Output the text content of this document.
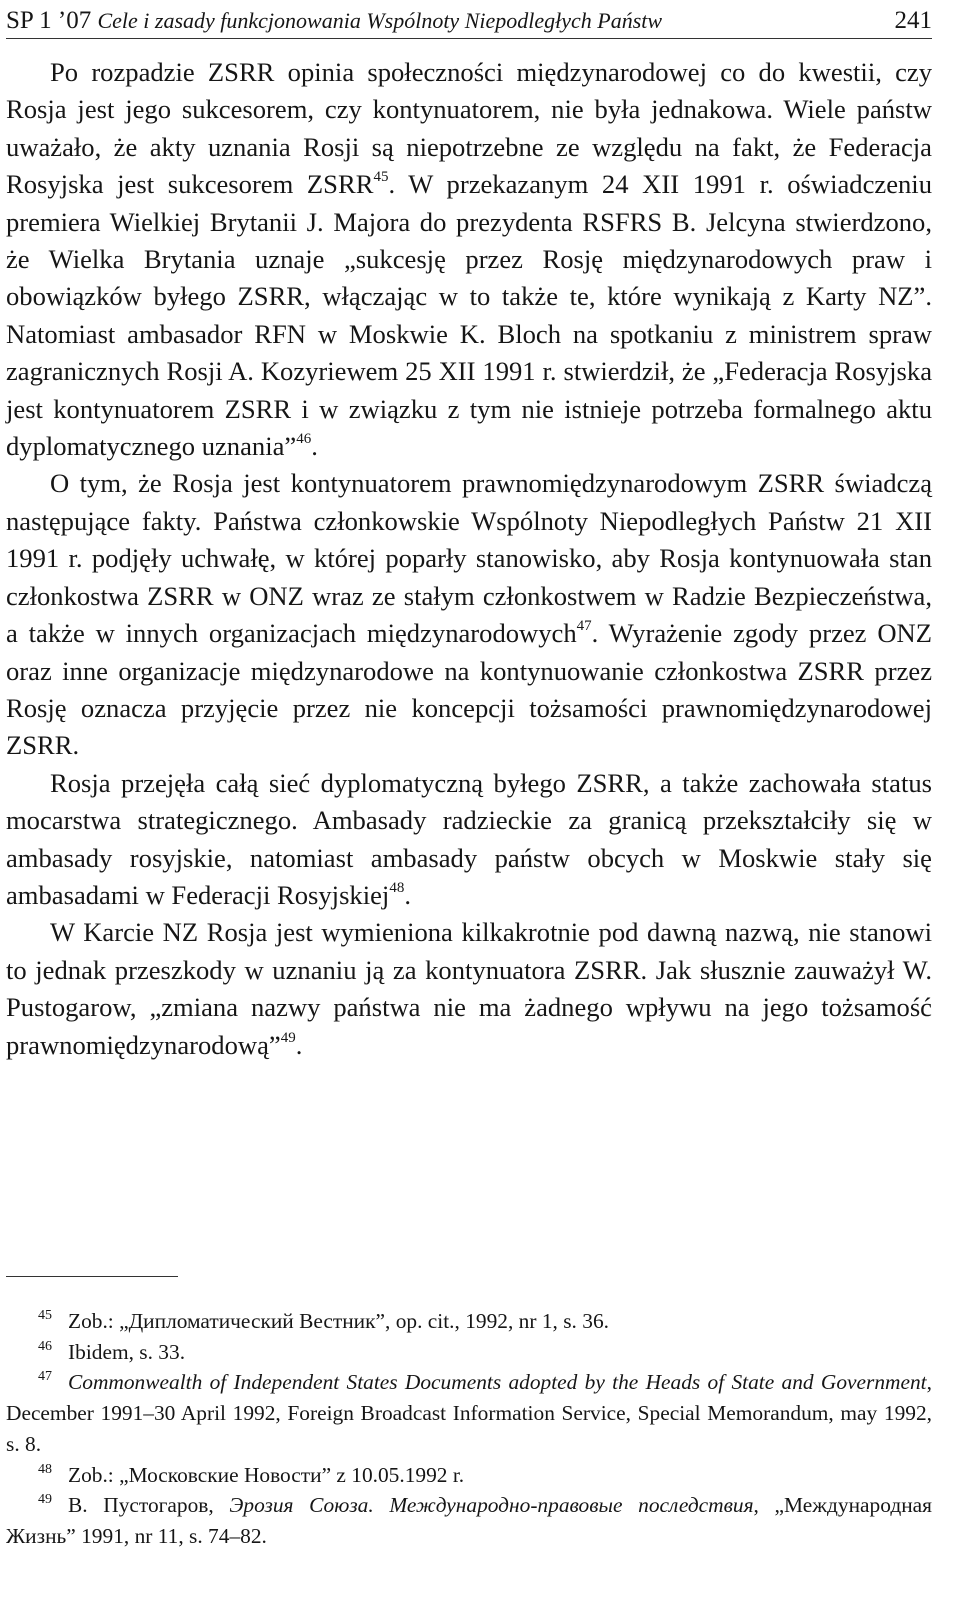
SP 1 ’07 Cele i zasady funkcjonowania Wspólnoty Niepodległych Państw	241

Po rozpadzie ZSRR opinia społeczności międzynarodowej co do kwestii, czy Rosja jest jego sukcesorem, czy kontynuatorem, nie była jednakowa. Wiele państw uważało, że akty uznania Rosji są niepotrzebne ze względu na fakt, że Federacja Rosyjska jest sukcesorem ZSRR$^{45}$. W przekazanym 24 XII 1991 r. oświadczeniu premiera Wielkiej Brytanii J. Majora do prezydenta RSFRS B. Jelcyna stwierdzono, że Wielka Brytania uznaje „sukcesję przez Rosję międzynarodowych praw i obowiązków byłego ZSRR, włączając w to także te, które wynikają z Karty NZ”. Natomiast ambasador RFN w Moskwie K. Bloch na spotkaniu z ministrem spraw zagranicznych Rosji A. Kozyriewem 25 XII 1991 r. stwierdził, że „Federacja Rosyjska jest kontynuatorem ZSRR i w związku z tym nie istnieje potrzeba formalnego aktu dyplomatycznego uznania”$^{46}$.

O tym, że Rosja jest kontynuatorem prawnomiędzynarodowym ZSRR świadczą następujące fakty. Państwa członkowskie Wspólnoty Niepodległych Państw 21 XII 1991 r. podjęły uchwałę, w której poparły stanowisko, aby Rosja kontynuowała stan członkostwa ZSRR w ONZ wraz ze stałym członkostwem w Radzie Bezpieczeństwa, a także w innych organizacjach międzynarodowych$^{47}$. Wyrażenie zgody przez ONZ oraz inne organizacje międzynarodowe na kontynuowanie członkostwa ZSRR przez Rosję oznacza przyjęcie przez nie koncepcji tożsamości prawnomiędzynarodowej ZSRR.

Rosja przejęła całą sieć dyplomatyczną byłego ZSRR, a także zachowała status mocarstwa strategicznego. Ambasady radzieckie za granicą przekształciły się w ambasady rosyjskie, natomiast ambasady państw obcych w Moskwie stały się ambasadami w Federacji Rosyjskiej$^{48}$.

W Karcie NZ Rosja jest wymieniona kilkakrotnie pod dawną nazwą, nie stanowi to jednak przeszkody w uznaniu ją za kontynuatora ZSRR. Jak słusznie zauważył W. Pustogarow, „zmiana nazwy państwa nie ma żadnego wpływu na jego tożsamość prawnomiędzynarodową”$^{49}$.

$^{45}$ Zob.: „Дипломатический Вестник”, op. cit., 1992, nr 1, s. 36.

$^{46}$ Ibidem, s. 33.

$^{47}$ Commonwealth of Independent States Documents adopted by the Heads of State and Government, December 1991–30 April 1992, Foreign Broadcast Information Service, Special Memorandum, may 1992, s. 8.

$^{48}$ Zob.: „Московские Новости” z 10.05.1992 r.

$^{49}$ В. Пустогаров, Эрозия Союза. Международно-правовые последствия, „Международная Жизнь” 1991, nr 11, s. 74–82.
